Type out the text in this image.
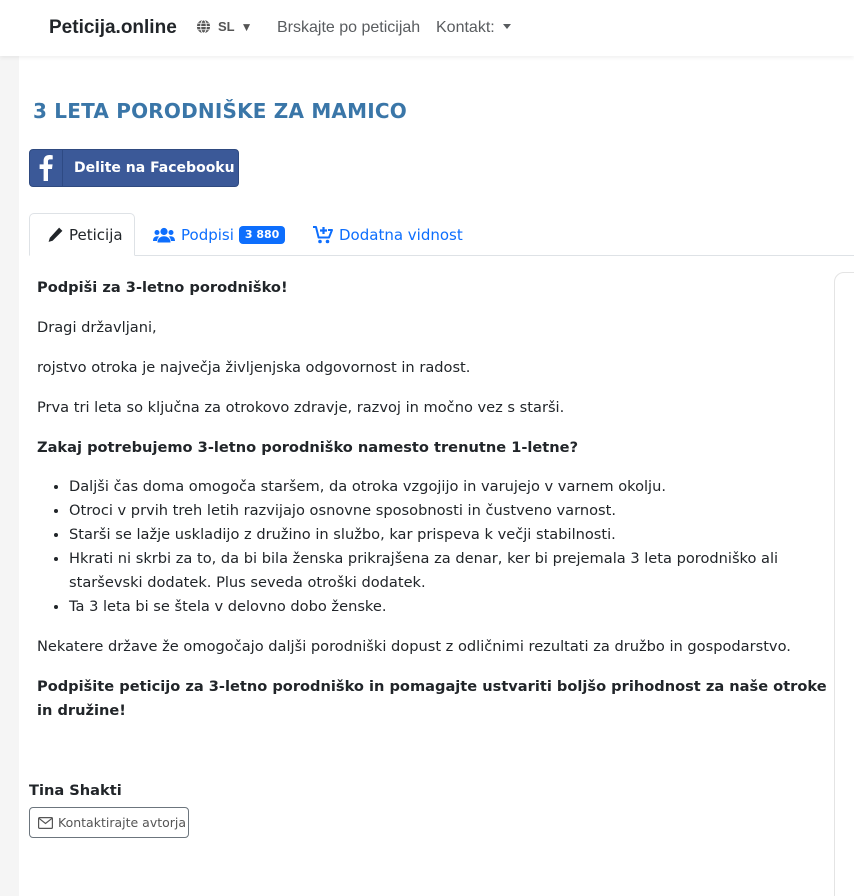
Peticija.online	SL ▼ Brskajte po peticijah Kontakt:
3 LETA PORODNIŠKE ZA MAMICO
Delite na Facebooku
Peticija	Podpisi	3 880	Dodatna vidnost

Podpiši za 3-letno porodniško!

Dragi državljani,

rojstvo otroka je največja življenjska odgovornost in radost.

Prva tri leta so ključna za otrokovo zdravje, razvoj in močno vez s starši.

Zakaj potrebujemo 3-letno porodniško namesto trenutne 1-letne?

• Daljši čas doma omogoča staršem, da otroka vzgojijo in varujejo v varnem okolju.
• Otroci v prvih treh letih razvijajo osnovne sposobnosti in čustveno varnost.
• Starši se lažje uskladijo z družino in službo, kar prispeva k večji stabilnosti.
• Hkrati ni skrbi za to, da bi bila ženska prikrajšena za denar, ker bi prejemala 3 leta porodniško ali starševski dodatek. Plus seveda otroški dodatek.
• Ta 3 leta bi se štela v delovno dobo ženske.

Nekatere države že omogočajo daljši porodniški dopust z odličnimi rezultati za družbo in gospodarstvo.

Podpišite peticijo za 3-letno porodniško in pomagajte ustvariti boljšo prihodnost za naše otroke in družine!

Tina Shakti
Kontaktirajte avtorja
